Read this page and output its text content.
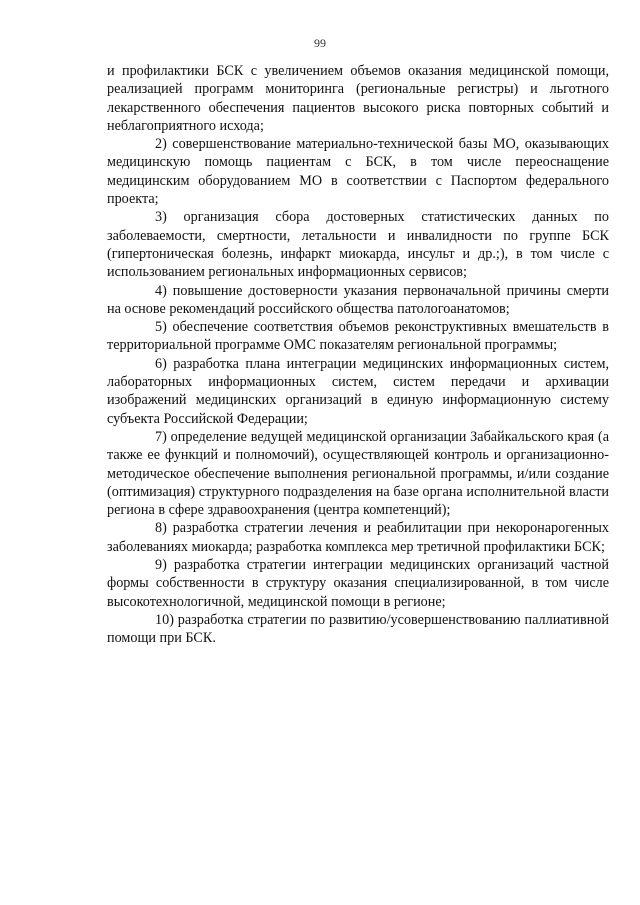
99

и профилактики БСК с увеличением объемов оказания медицинской помощи, реализацией программ мониторинга (региональные регистры) и льготного лекарственного обеспечения пациентов высокого риска повторных событий и неблагоприятного исхода;

2) совершенствование материально-технической базы МО, оказывающих медицинскую помощь пациентам с БСК, в том числе переоснащение медицинским оборудованием МО в соответствии с Паспортом федерального проекта;

3) организация сбора достоверных статистических данных по заболеваемости, смертности, летальности и инвалидности по группе БСК (гипертоническая болезнь, инфаркт миокарда, инсульт и др.;), в том числе с использованием региональных информационных сервисов;

4) повышение достоверности указания первоначальной причины смерти на основе рекомендаций российского общества патологоанатомов;

5) обеспечение соответствия объемов реконструктивных вмешательств в территориальной программе ОМС показателям региональной программы;

6) разработка плана интеграции медицинских информационных систем, лабораторных информационных систем, систем передачи и архивации изображений медицинских организаций в единую информационную систему субъекта Российской Федерации;

7) определение ведущей медицинской организации Забайкальского края (а также ее функций и полномочий), осуществляющей контроль и организационно-методическое обеспечение выполнения региональной программы, и/или создание (оптимизация) структурного подразделения на базе органа исполнительной власти региона в сфере здравоохранения (центра компетенций);

8) разработка стратегии лечения и реабилитации при некоронарогенных заболеваниях миокарда; разработка комплекса мер третичной профилактики БСК;

9) разработка стратегии интеграции медицинских организаций частной формы собственности в структуру оказания специализированной, в том числе высокотехнологичной, медицинской помощи в регионе;

10) разработка стратегии по развитию/усовершенствованию паллиативной помощи при БСК.
